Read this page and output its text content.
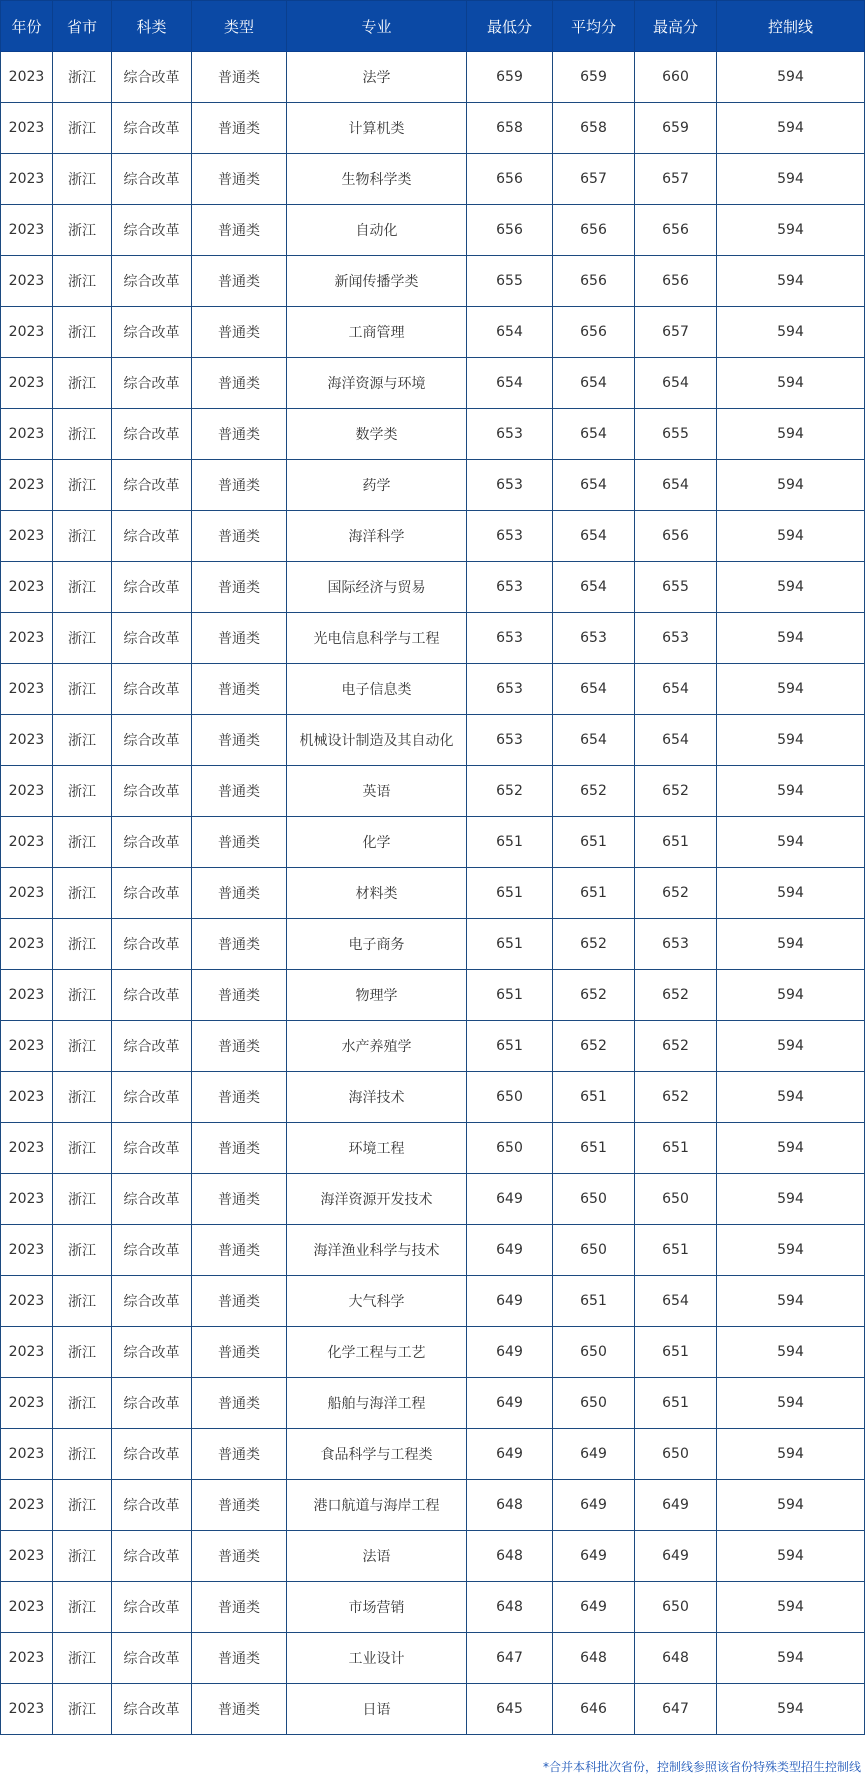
年份	省市	科类	类型	专业	最低分	平均分	最高分	控制线
2023	浙江	综合改革	普通类	法学	659	659	660	594
2023	浙江	综合改革	普通类	计算机类	658	658	659	594
2023	浙江	综合改革	普通类	生物科学类	656	657	657	594
2023	浙江	综合改革	普通类	自动化	656	656	656	594
2023	浙江	综合改革	普通类	新闻传播学类	655	656	656	594
2023	浙江	综合改革	普通类	工商管理	654	656	657	594
2023	浙江	综合改革	普通类	海洋资源与环境	654	654	654	594
2023	浙江	综合改革	普通类	数学类	653	654	655	594
2023	浙江	综合改革	普通类	药学	653	654	654	594
2023	浙江	综合改革	普通类	海洋科学	653	654	656	594
2023	浙江	综合改革	普通类	国际经济与贸易	653	654	655	594
2023	浙江	综合改革	普通类	光电信息科学与工程	653	653	653	594
2023	浙江	综合改革	普通类	电子信息类	653	654	654	594
2023	浙江	综合改革	普通类	机械设计制造及其自动化	653	654	654	594
2023	浙江	综合改革	普通类	英语	652	652	652	594
2023	浙江	综合改革	普通类	化学	651	651	651	594
2023	浙江	综合改革	普通类	材料类	651	651	652	594
2023	浙江	综合改革	普通类	电子商务	651	652	653	594
2023	浙江	综合改革	普通类	物理学	651	652	652	594
2023	浙江	综合改革	普通类	水产养殖学	651	652	652	594
2023	浙江	综合改革	普通类	海洋技术	650	651	652	594
2023	浙江	综合改革	普通类	环境工程	650	651	651	594
2023	浙江	综合改革	普通类	海洋资源开发技术	649	650	650	594
2023	浙江	综合改革	普通类	海洋渔业科学与技术	649	650	651	594
2023	浙江	综合改革	普通类	大气科学	649	651	654	594
2023	浙江	综合改革	普通类	化学工程与工艺	649	650	651	594
2023	浙江	综合改革	普通类	船舶与海洋工程	649	650	651	594
2023	浙江	综合改革	普通类	食品科学与工程类	649	649	650	594
2023	浙江	综合改革	普通类	港口航道与海岸工程	648	649	649	594
2023	浙江	综合改革	普通类	法语	648	649	649	594
2023	浙江	综合改革	普通类	市场营销	648	649	650	594
2023	浙江	综合改革	普通类	工业设计	647	648	648	594
2023	浙江	综合改革	普通类	日语	645	646	647	594
*合并本科批次省份，控制线参照该省份特殊类型招生控制线
